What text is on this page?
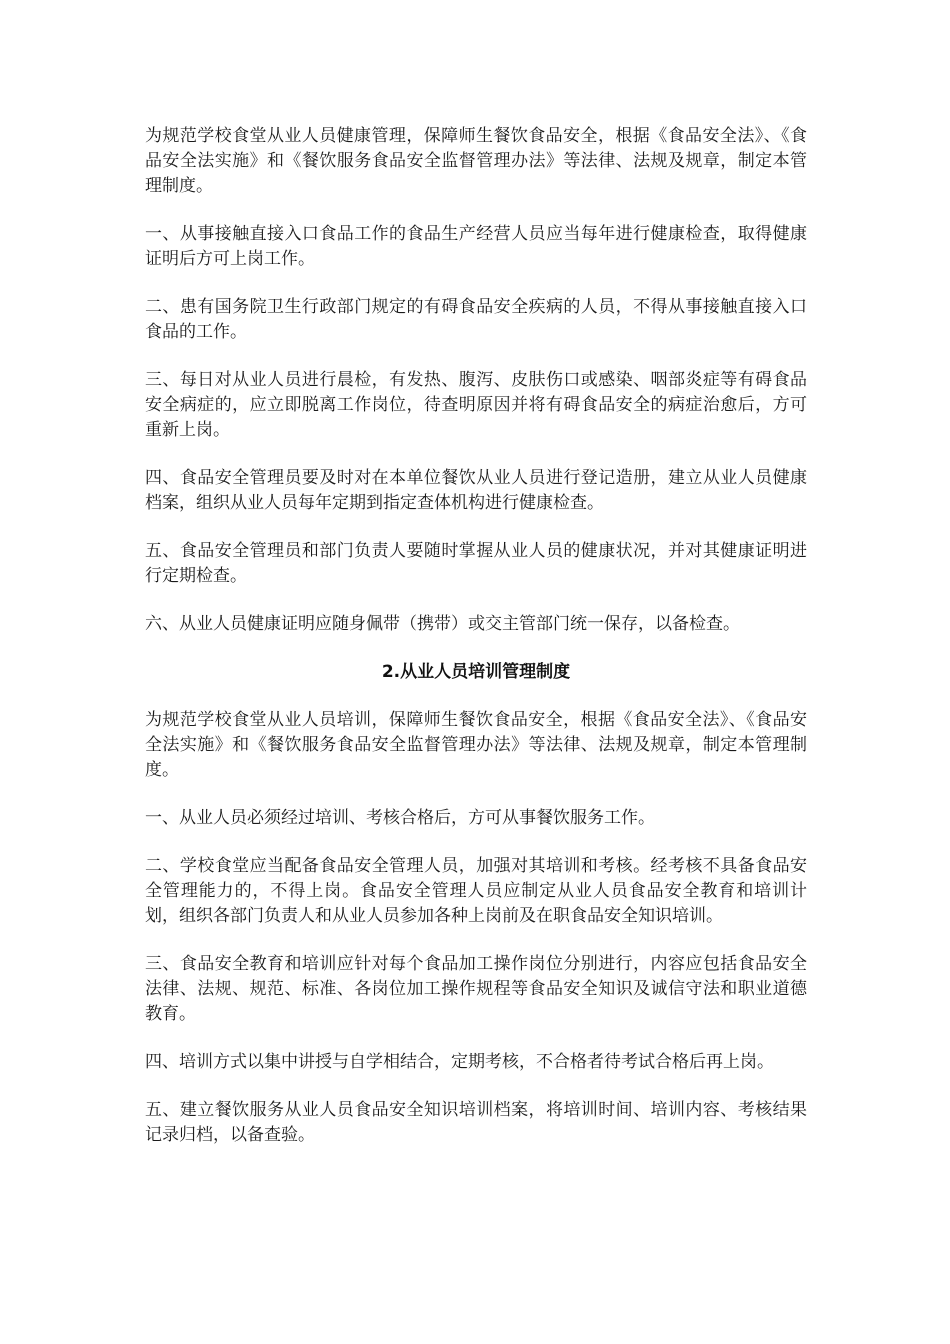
为规范学校食堂从业人员健康管理，保障师生餐饮食品安全，根据《食品安全法》、《食品安全法实施》和《餐饮服务食品安全监督管理办法》等法律、法规及规章，制定本管理制度。

一、从事接触直接入口食品工作的食品生产经营人员应当每年进行健康检查，取得健康证明后方可上岗工作。

二、患有国务院卫生行政部门规定的有碍食品安全疾病的人员，不得从事接触直接入口食品的工作。

三、每日对从业人员进行晨检，有发热、腹泻、皮肤伤口或感染、咽部炎症等有碍食品安全病症的，应立即脱离工作岗位，待查明原因并将有碍食品安全的病症治愈后，方可重新上岗。

四、食品安全管理员要及时对在本单位餐饮从业人员进行登记造册，建立从业人员健康档案，组织从业人员每年定期到指定查体机构进行健康检查。

五、食品安全管理员和部门负责人要随时掌握从业人员的健康状况，并对其健康证明进行定期检查。

六、从业人员健康证明应随身佩带（携带）或交主管部门统一保存，以备检查。

2.从业人员培训管理制度

为规范学校食堂从业人员培训，保障师生餐饮食品安全，根据《食品安全法》、《食品安全法实施》和《餐饮服务食品安全监督管理办法》等法律、法规及规章，制定本管理制度。

一、从业人员必须经过培训、考核合格后，方可从事餐饮服务工作。

二、学校食堂应当配备食品安全管理人员，加强对其培训和考核。经考核不具备食品安全管理能力的，不得上岗。食品安全管理人员应制定从业人员食品安全教育和培训计划，组织各部门负责人和从业人员参加各种上岗前及在职食品安全知识培训。

三、食品安全教育和培训应针对每个食品加工操作岗位分别进行，内容应包括食品安全法律、法规、规范、标准、各岗位加工操作规程等食品安全知识及诚信守法和职业道德教育。

四、培训方式以集中讲授与自学相结合，定期考核，不合格者待考试合格后再上岗。

五、建立餐饮服务从业人员食品安全知识培训档案，将培训时间、培训内容、考核结果记录归档，以备查验。
